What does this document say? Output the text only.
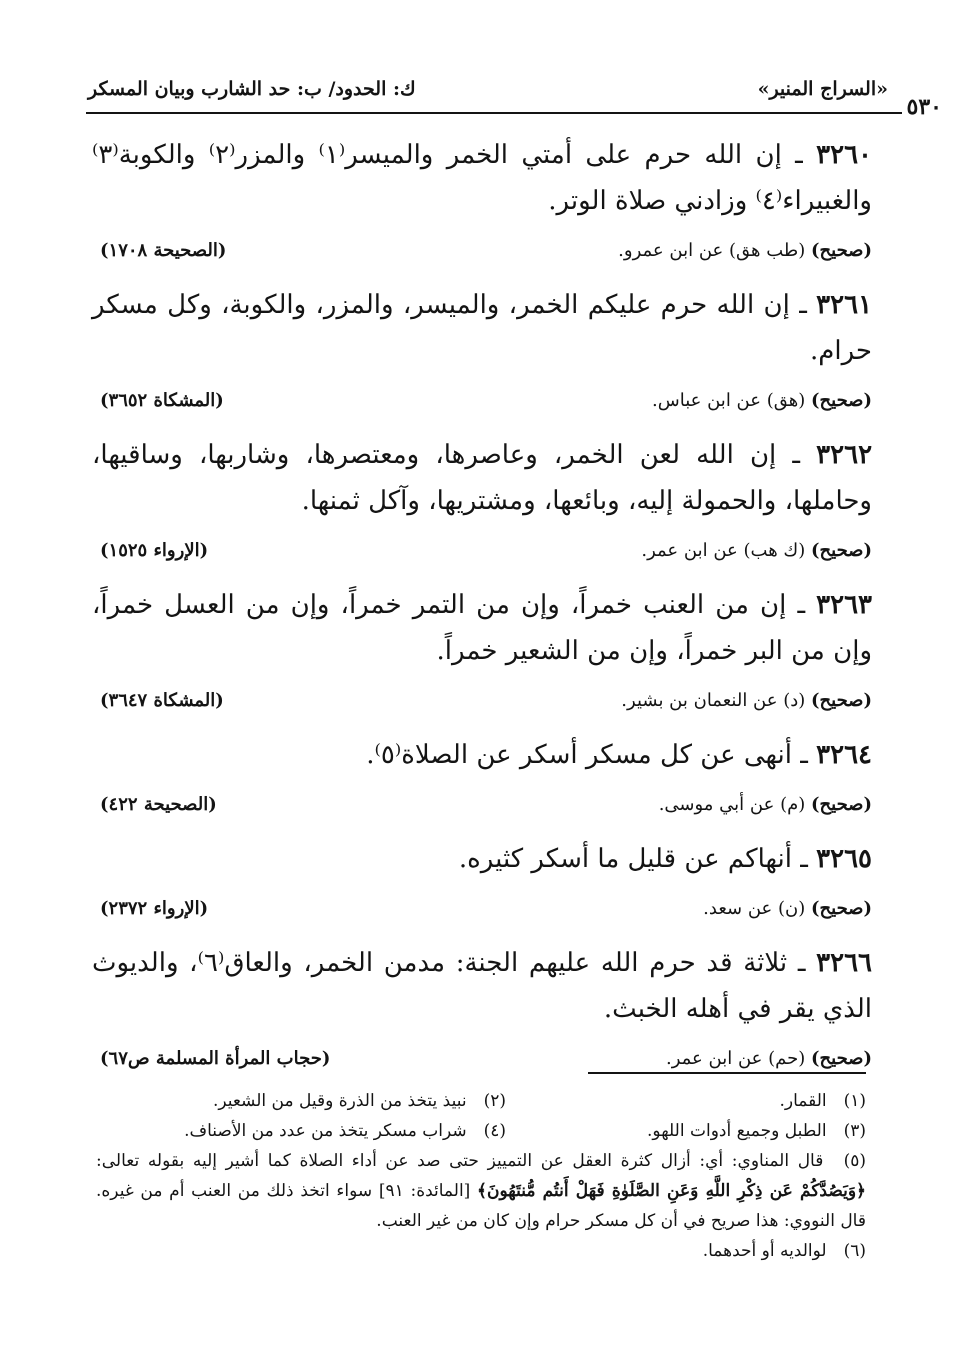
٥٣٠
«السراج المنير»
ك: الحدود/ ب: حد الشارب وبيان المسكر

٣٢٦٠ ـ إن الله حرم على أمتي الخمر والميسر⁽١⁾ والمزر⁽٢⁾ والكوبة⁽٣⁾ والغبيراء⁽٤⁾ وزادني صلاة الوتر.

(صحيح) (طب هق) عن ابن عمرو.
(الصحيحة ١٧٠٨)

٣٢٦١ ـ إن الله حرم عليكم الخمر، والميسر، والمزر، والكوبة، وكل مسكر حرام.

(صحيح) (هق) عن ابن عباس.
(المشكاة ٣٦٥٢)

٣٢٦٢ ـ إن الله لعن الخمر، وعاصرها، ومعتصرها، وشاربها، وساقيها، وحاملها، والحمولة إليه، وبائعها، ومشتريها، وآكل ثمنها.

(صحيح) (ك هب) عن ابن عمر.
(الإرواء ١٥٢٥)

٣٢٦٣ ـ إن من العنب خمراً، وإن من التمر خمراً، وإن من العسل خمراً، وإن من البر خمراً، وإن من الشعير خمراً.

(صحيح) (د) عن النعمان بن بشير.
(المشكاة ٣٦٤٧)

٣٢٦٤ ـ أنهى عن كل مسكر أسكر عن الصلاة⁽٥⁾.

(صحيح) (م) عن أبي موسى.
(الصحيحة ٤٢٢)

٣٢٦٥ ـ أنهاكم عن قليل ما أسكر كثيره.

(صحيح) (ن) عن سعد.
(الإرواء ٢٣٧٢)

٣٢٦٦ ـ ثلاثة قد حرم الله عليهم الجنة: مدمن الخمر، والعاق⁽٦⁾، والديوث الذي يقر في أهله الخبث.

(صحيح) (حم) عن ابن عمر.
(حجاب المرأة المسلمة ص٦٧)
(١) القمار.
(٢) نبيذ يتخذ من الذرة وقيل من الشعير.
(٣) الطبل وجميع أدوات اللهو.
(٤) شراب مسكر يتخذ من عدد من الأصناف.
(٥) قال المناوي: أي: أزال كثرة العقل عن التمييز حتى صد عن أداء الصلاة كما أشير إليه بقوله تعالى: ﴿وَيَصُدَّكُمْ عَن ذِكْرِ اللَّهِ وَعَنِ الصَّلَوٰةِ فَهَلْ أَنتُم مُّنتَهُونَ﴾ [المائدة: ٩١] سواء اتخذ ذلك من العنب أم من غيره. قال النووي: هذا صريح في أن كل مسكر حرام وإن كان من غير العنب.
(٦) لوالديه أو أحدهما.
